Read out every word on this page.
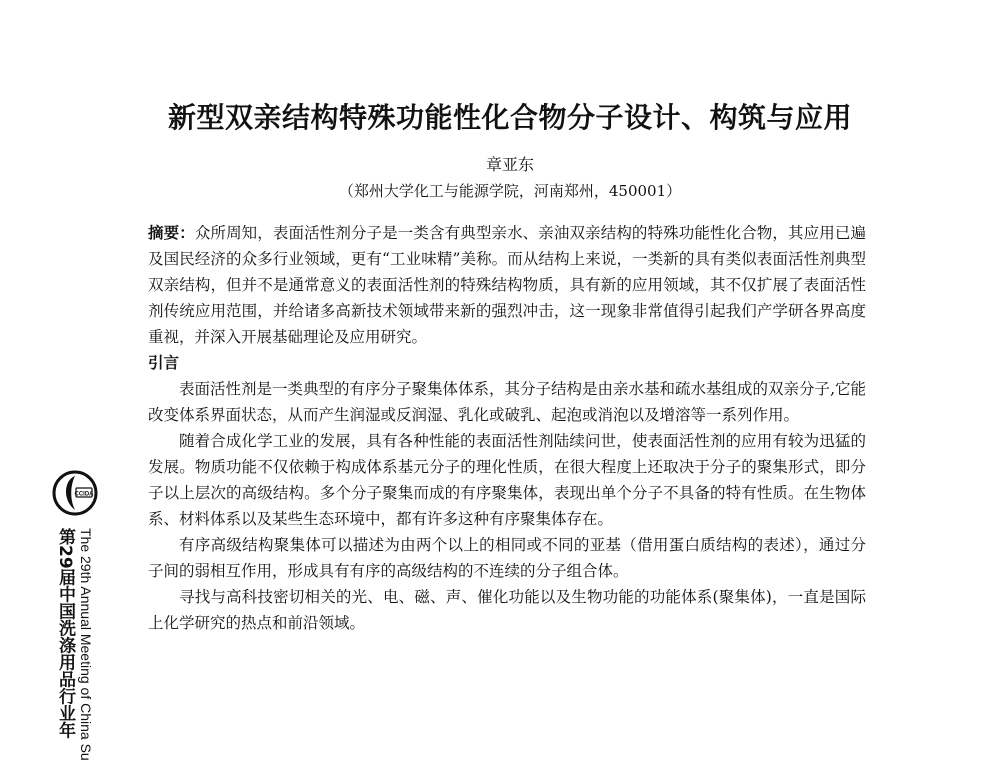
新型双亲结构特殊功能性化合物分子设计、构筑与应用
章亚东
（郑州大学化工与能源学院，河南郑州，450001）

摘要：众所周知，表面活性剂分子是一类含有典型亲水、亲油双亲结构的特殊功能性化合物，其应用已遍及国民经济的众多行业领域，更有“工业味精”美称。而从结构上来说，一类新的具有类似表面活性剂典型双亲结构，但并不是通常意义的表面活性剂的特殊结构物质，具有新的应用领域，其不仅扩展了表面活性剂传统应用范围，并给诸多高新技术领域带来新的强烈冲击，这一现象非常值得引起我们产学研各界高度重视，并深入开展基础理论及应用研究。

引言

表面活性剂是一类典型的有序分子聚集体体系，其分子结构是由亲水基和疏水基组成的双亲分子,它能改变体系界面状态，从而产生润湿或反润湿、乳化或破乳、起泡或消泡以及增溶等一系列作用。

随着合成化学工业的发展，具有各种性能的表面活性剂陆续问世，使表面活性剂的应用有较为迅猛的发展。物质功能不仅依赖于构成体系基元分子的理化性质，在很大程度上还取决于分子的聚集形式，即分子以上层次的高级结构。多个分子聚集而成的有序聚集体，表现出单个分子不具备的特有性质。在生物体系、材料体系以及某些生态环境中，都有许多这种有序聚集体存在。

有序高级结构聚集体可以描述为由两个以上的相同或不同的亚基（借用蛋白质结构的表述），通过分子间的弱相互作用，形成具有有序的高级结构的不连续的分子组合体。

寻找与高科技密切相关的光、电、磁、声、催化功能以及生物功能的功能体系(聚集体)，一直是国际上化学研究的热点和前沿领域。

CCIDA
第29届中国洗涤用品行业年 The 29th Annual Meeting of China Su
